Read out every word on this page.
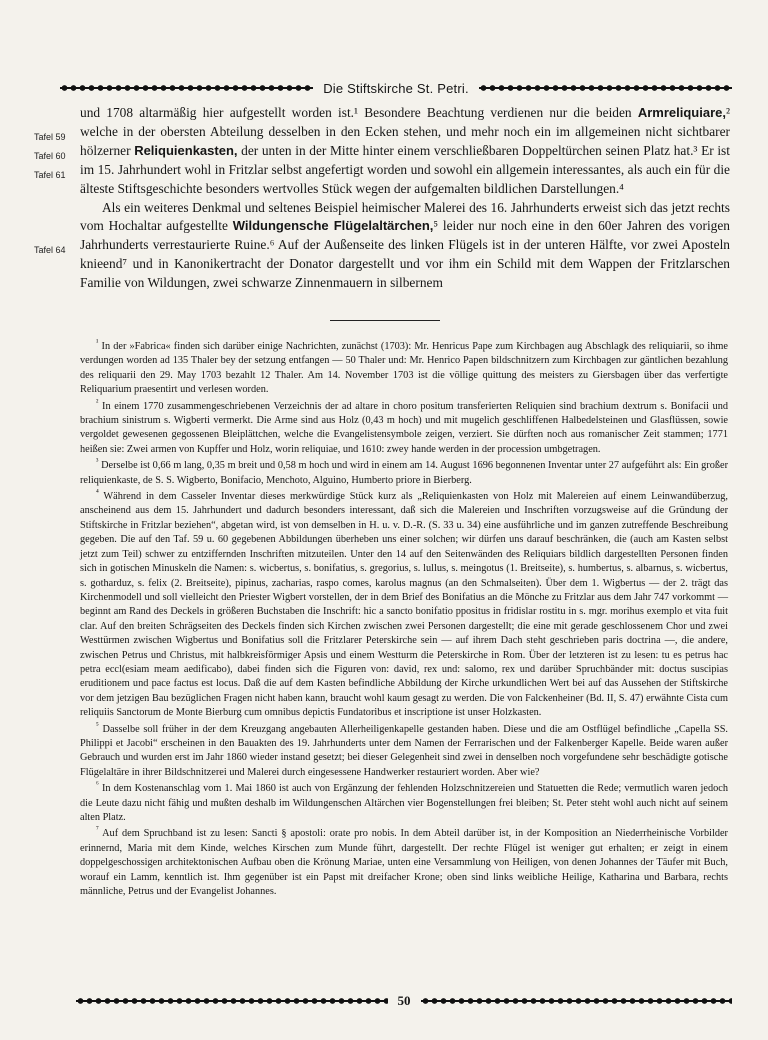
Die Stiftskirche St. Petri.
Tafel 59
Tafel 60
Tafel 61
Tafel 64

und 1708 altarmäßig hier aufgestellt worden ist.¹ Besondere Beachtung verdienen nur die beiden Armreliquiare,² welche in der obersten Abteilung desselben in den Ecken stehen, und mehr noch ein im allgemeinen nicht sichtbarer hölzerner Reliquienkasten, der unten in der Mitte hinter einem verschließbaren Doppeltürchen seinen Platz hat.³ Er ist im 15. Jahrhundert wohl in Fritzlar selbst angefertigt worden und sowohl ein allgemein interessantes, als auch ein für die älteste Stiftsgeschichte besonders wertvolles Stück wegen der aufgemalten bildlichen Darstellungen.⁴

Als ein weiteres Denkmal und seltenes Beispiel heimischer Malerei des 16. Jahrhunderts erweist sich das jetzt rechts vom Hochaltar aufgestellte Wildungensche Flügelaltärchen,⁵ leider nur noch eine in den 60er Jahren des vorigen Jahrhunderts verrestaurierte Ruine.⁶ Auf der Außenseite des linken Flügels ist in der unteren Hälfte, vor zwei Aposteln knieend⁷ und in Kanonikertracht der Donator dargestellt und vor ihm ein Schild mit dem Wappen der Fritzlarschen Familie von Wildungen, zwei schwarze Zinnenmauern in silbernem

$^{^1}$ In der »Fabrica« finden sich darüber einige Nachrichten, zunächst (1703): Mr. Henricus Pape zum Kirchbagen aug Abschlagk des reliquiarii, so ihme verdungen worden ad 135 Thaler bey der setzung entfangen — 50 Thaler und: Mr. Henrico Papen bildschnitzern zum Kirchbagen zur gäntlichen bezahlung des reliquarii den 29. May 1703 bezahlt 12 Thaler. Am 14. November 1703 ist die völlige quittung des meisters zu Giersbagen über das verfertigte Reliquarium praesentirt und verlesen worden.

$^{^2}$ In einem 1770 zusammengeschriebenen Verzeichnis der ad altare in choro positum transferierten Reliquien sind brachium dextrum s. Bonifacii und brachium sinistrum s. Wigberti vermerkt. Die Arme sind aus Holz (0,43 m hoch) und mit mugelich geschliffenen Halbedelsteinen und Glasflüssen, sowie vergoldet gewesenen gegossenen Bleiplättchen, welche die Evangelistensymbole zeigen, verziert. Sie dürften noch aus romanischer Zeit stammen; 1771 heißen sie: Zwei armen von Kupffer und Holz, worin reliquiae, und 1610: zwey hande werden in der procession umbgetragen.

$^{^3}$ Derselbe ist 0,66 m lang, 0,35 m breit und 0,58 m hoch und wird in einem am 14. August 1696 begonnenen Inventar unter 27 aufgeführt als: Ein großer reliquienkaste, de S. S. Wigberto, Bonifacio, Menchoto, Alguino, Humberto priore in Bierberg.

$^{^4}$ Während in dem Casseler Inventar dieses merkwürdige Stück kurz als „Reliquienkasten von Holz mit Malereien auf einem Leinwandüberzug, anscheinend aus dem 15. Jahrhundert und dadurch besonders interessant, daß sich die Malereien und Inschriften vorzugsweise auf die Gründung der Stiftskirche in Fritzlar beziehen“, abgetan wird, ist von demselben in H. u. v. D.-R. (S. 33 u. 34) eine ausführliche und im ganzen zutreffende Beschreibung gegeben. Die auf den Taf. 59 u. 60 gegebenen Abbildungen überheben uns einer solchen; wir dürfen uns darauf beschränken, die (auch am Kasten selbst jetzt zum Teil) schwer zu entziffernden Inschriften mitzuteilen. Unter den 14 auf den Seitenwänden des Reliquiars bildlich dargestellten Personen finden sich in gotischen Minuskeln die Namen: s. wicbertus, s. bonifatius, s. gregorius, s. lullus, s. meingotus (1. Breitseite), s. humbertus, s. albarnus, s. wicbertus, s. gotharduz, s. felix (2. Breitseite), pipinus, zacharias, raspo comes, karolus magnus (an den Schmalseiten). Über dem 1. Wigbertus — der 2. trägt das Kirchenmodell und soll vielleicht den Priester Wigbert vorstellen, der in dem Brief des Bonifatius an die Mönche zu Fritzlar aus dem Jahr 747 vorkommt — beginnt am Rand des Deckels in größeren Buchstaben die Inschrift: hic a sancto bonifatio ppositus in fridislar rostitu in s. mgr. morihus exemplo et vita fuit clar. Auf den breiten Schrägseiten des Deckels finden sich Kirchen zwischen zwei Personen dargestellt; die eine mit gerade geschlossenem Chor und zwei Westtürmen zwischen Wigbertus und Bonifatius soll die Fritzlarer Peterskirche sein — auf ihrem Dach steht geschrieben paris doctrina —, die andere, zwischen Petrus und Christus, mit halbkreisförmiger Apsis und einem Westturm die Peterskirche in Rom. Über der letzteren ist zu lesen: tu es petrus hac petra eccl(esiam meam aedificabo), dabei finden sich die Figuren von: david, rex und: salomo, rex und darüber Spruchbänder mit: doctus suscipias eruditionem und pace factus est locus. Daß die auf dem Kasten befindliche Abbildung der Kirche urkundlichen Wert bei auf das Aussehen der Stiftskirche vor dem jetzigen Bau bezüglichen Fragen nicht haben kann, braucht wohl kaum gesagt zu werden. Die von Falckenheiner (Bd. II, S. 47) erwähnte Cista cum reliquiis Sanctorum de Monte Bierburg cum omnibus depictis Fundatoribus et inscriptione ist unser Holzkasten.

$^{^5}$ Dasselbe soll früher in der dem Kreuzgang angebauten Allerheiligenkapelle gestanden haben. Diese und die am Ostflügel befindliche „Capella SS. Philippi et Jacobi“ erscheinen in den Bauakten des 19. Jahrhunderts unter dem Namen der Ferrarischen und der Falkenberger Kapelle. Beide waren außer Gebrauch und wurden erst im Jahr 1860 wieder instand gesetzt; bei dieser Gelegenheit sind zwei in denselben noch vorgefundene sehr beschädigte gotische Flügelaltäre in ihrer Bildschnitzerei und Malerei durch eingesessene Handwerker restauriert worden. Aber wie?

$^{^6}$ In dem Kostenanschlag vom 1. Mai 1860 ist auch von Ergänzung der fehlenden Holzschnitzereien und Statuetten die Rede; vermutlich waren jedoch die Leute dazu nicht fähig und mußten deshalb im Wildungenschen Altärchen vier Bogenstellungen frei bleiben; St. Peter steht wohl auch nicht auf seinem alten Platz.

$^{^7}$ Auf dem Spruchband ist zu lesen: Sancti § apostoli: orate pro nobis. In dem Abteil darüber ist, in der Komposition an Niederrheinische Vorbilder erinnernd, Maria mit dem Kinde, welches Kirschen zum Munde führt, dargestellt. Der rechte Flügel ist weniger gut erhalten; er zeigt in einem doppelgeschossigen architektonischen Aufbau oben die Krönung Mariae, unten eine Versammlung von Heiligen, von denen Johannes der Täufer mit Buch, worauf ein Lamm, kenntlich ist. Ihm gegenüber ist ein Papst mit dreifacher Krone; oben sind links weibliche Heilige, Katharina und Barbara, rechts männliche, Petrus und der Evangelist Johannes.

50
